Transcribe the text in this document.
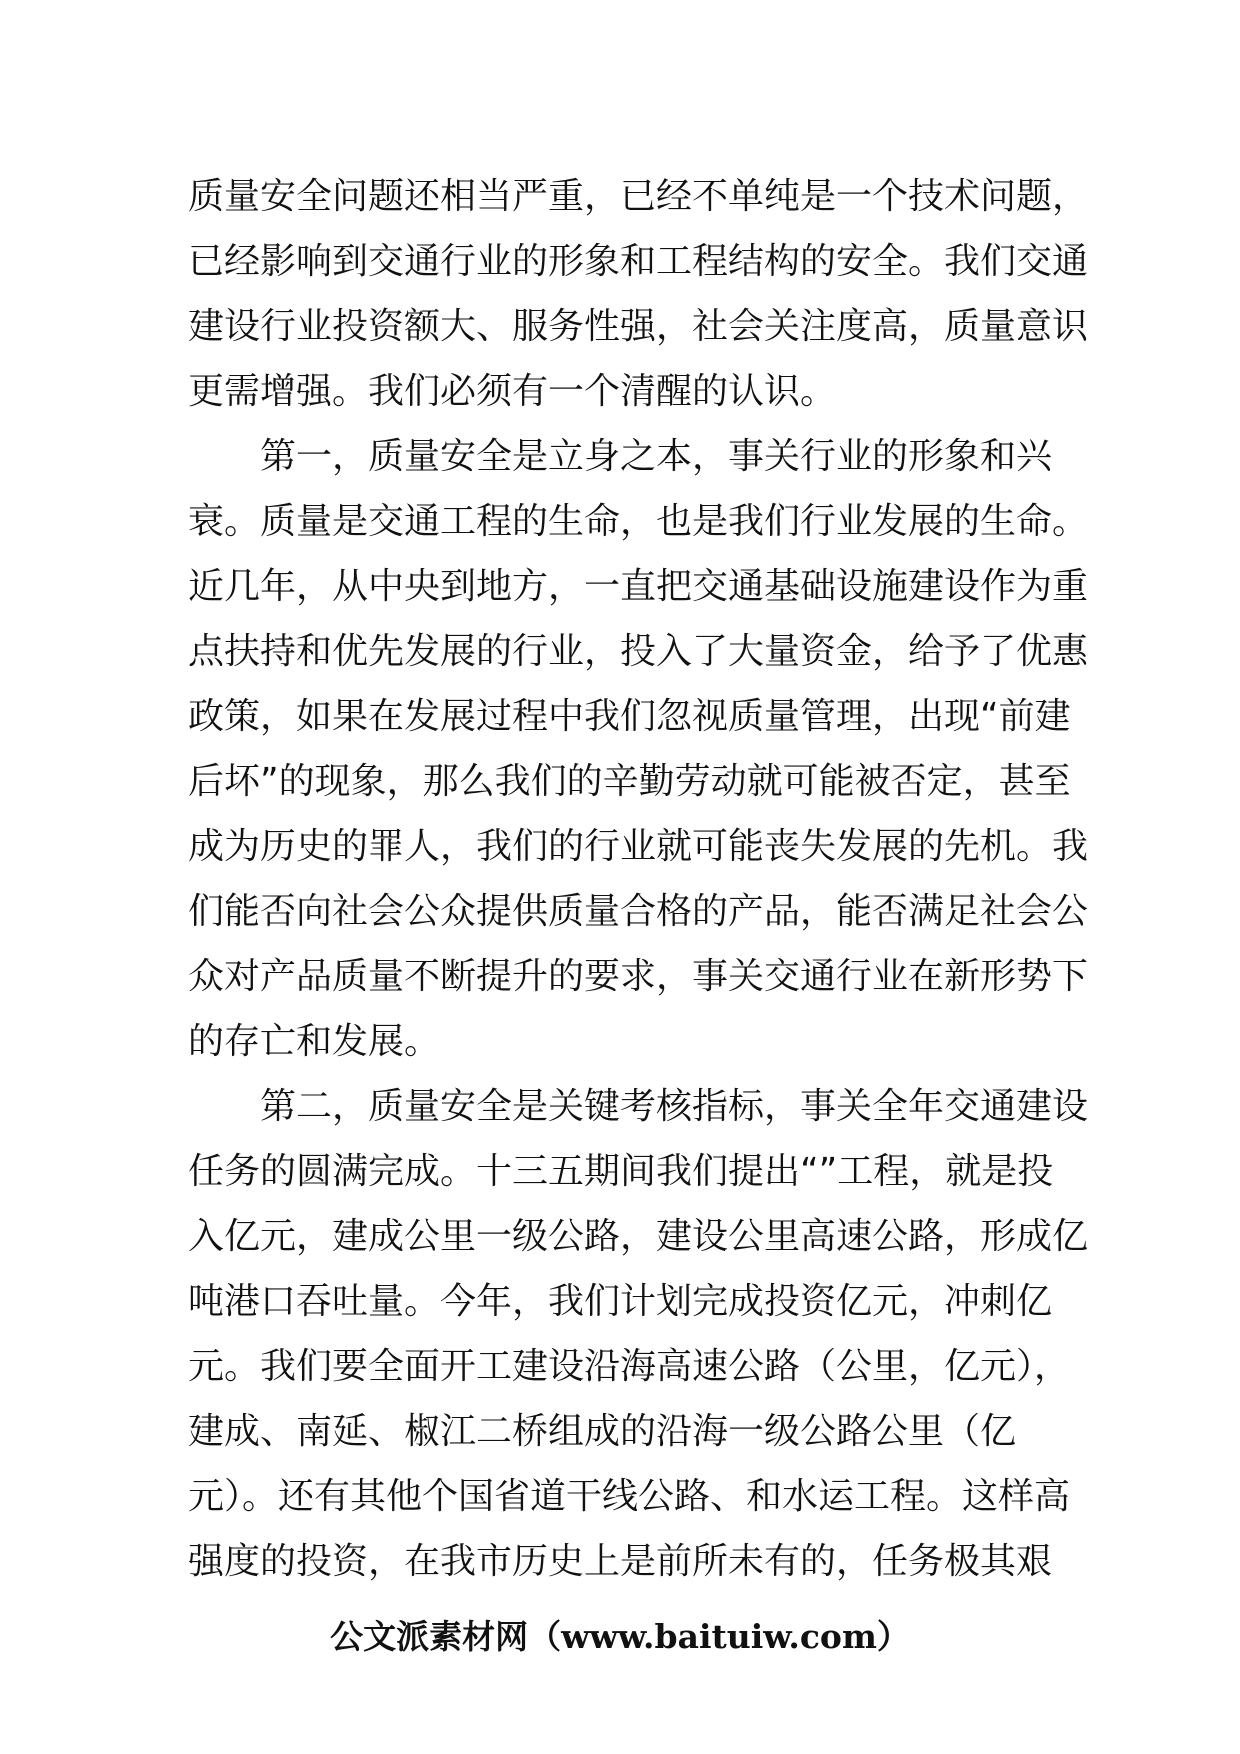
质量安全问题还相当严重，已经不单纯是一个技术问题，
已经影响到交通行业的形象和工程结构的安全。我们交通
建设行业投资额大、服务性强，社会关注度高，质量意识
更需增强。我们必须有一个清醒的认识。
　　第一，质量安全是立身之本，事关行业的形象和兴
衰。质量是交通工程的生命，也是我们行业发展的生命。
近几年，从中央到地方，一直把交通基础设施建设作为重
点扶持和优先发展的行业，投入了大量资金，给予了优惠
政策，如果在发展过程中我们忽视质量管理，出现“前建
后坏”的现象，那么我们的辛勤劳动就可能被否定，甚至
成为历史的罪人，我们的行业就可能丧失发展的先机。我
们能否向社会公众提供质量合格的产品，能否满足社会公
众对产品质量不断提升的要求，事关交通行业在新形势下
的存亡和发展。
　　第二，质量安全是关键考核指标，事关全年交通建设
任务的圆满完成。十三五期间我们提出“”工程，就是投
入亿元，建成公里一级公路，建设公里高速公路，形成亿
吨港口吞吐量。今年，我们计划完成投资亿元，冲刺亿
元。我们要全面开工建设沿海高速公路（公里，亿元），
建成、南延、椒江二桥组成的沿海一级公路公里（亿
元）。还有其他个国省道干线公路、和水运工程。这样高
强度的投资，在我市历史上是前所未有的，任务极其艰
公文派素材网（www.baituiw.com）
